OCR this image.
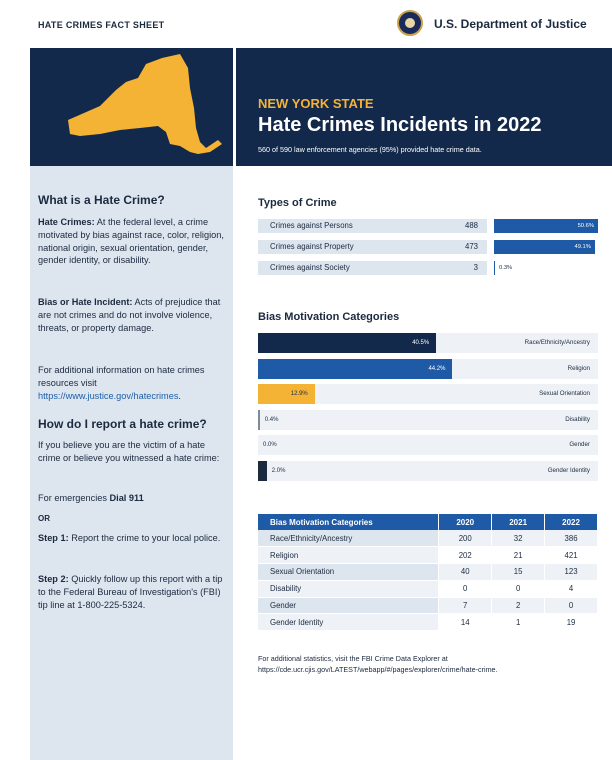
HATE CRIMES FACT SHEET	U.S. Department of Justice
What is a Hate Crime?
Hate Crimes: At the federal level, a crime motivated by bias against race, color, religion, national origin, sexual orientation, gender, gender identity, or disability.
Bias or Hate Incident: Acts of prejudice that are not crimes and do not involve violence, threats, or property damage.
For additional information on hate crimes resources visit https://www.justice.gov/hatecrimes.
How do I report a hate crime?
If you believe you are the victim of a hate crime or believe you witnessed a hate crime:
For emergencies Dial 911
OR
Step 1: Report the crime to your local police.
Step 2: Quickly follow up this report with a tip to the Federal Bureau of Investigation's (FBI) tip line at 1-800-225-5324.
NEW YORK STATE
Hate Crimes Incidents in 2022
560 of 590 law enforcement agencies (95%) provided hate crime data.
Types of Crime
Crimes against Persons	488	50.6%
Crimes against Property	473	49.1%
Crimes against Society	3	0.3%
Bias Motivation Categories
40.5%	Race/Ethnicity/Ancestry
44.2%	Religion
12.9%	Sexual Orientation
0.4%	Disability
0.0%	Gender
2.0%	Gender Identity
Bias Motivation Categories	2020	2021	2022
Race/Ethnicity/Ancestry	200	32	386
Religion	202	21	421
Sexual Orientation	40	15	123
Disability	0	0	4
Gender	7	2	0
Gender Identity	14	1	19
For additional statistics, visit the FBI Crime Data Explorer at
https://cde.ucr.cjis.gov/LATEST/webapp/#/pages/explorer/crime/hate-crime.
